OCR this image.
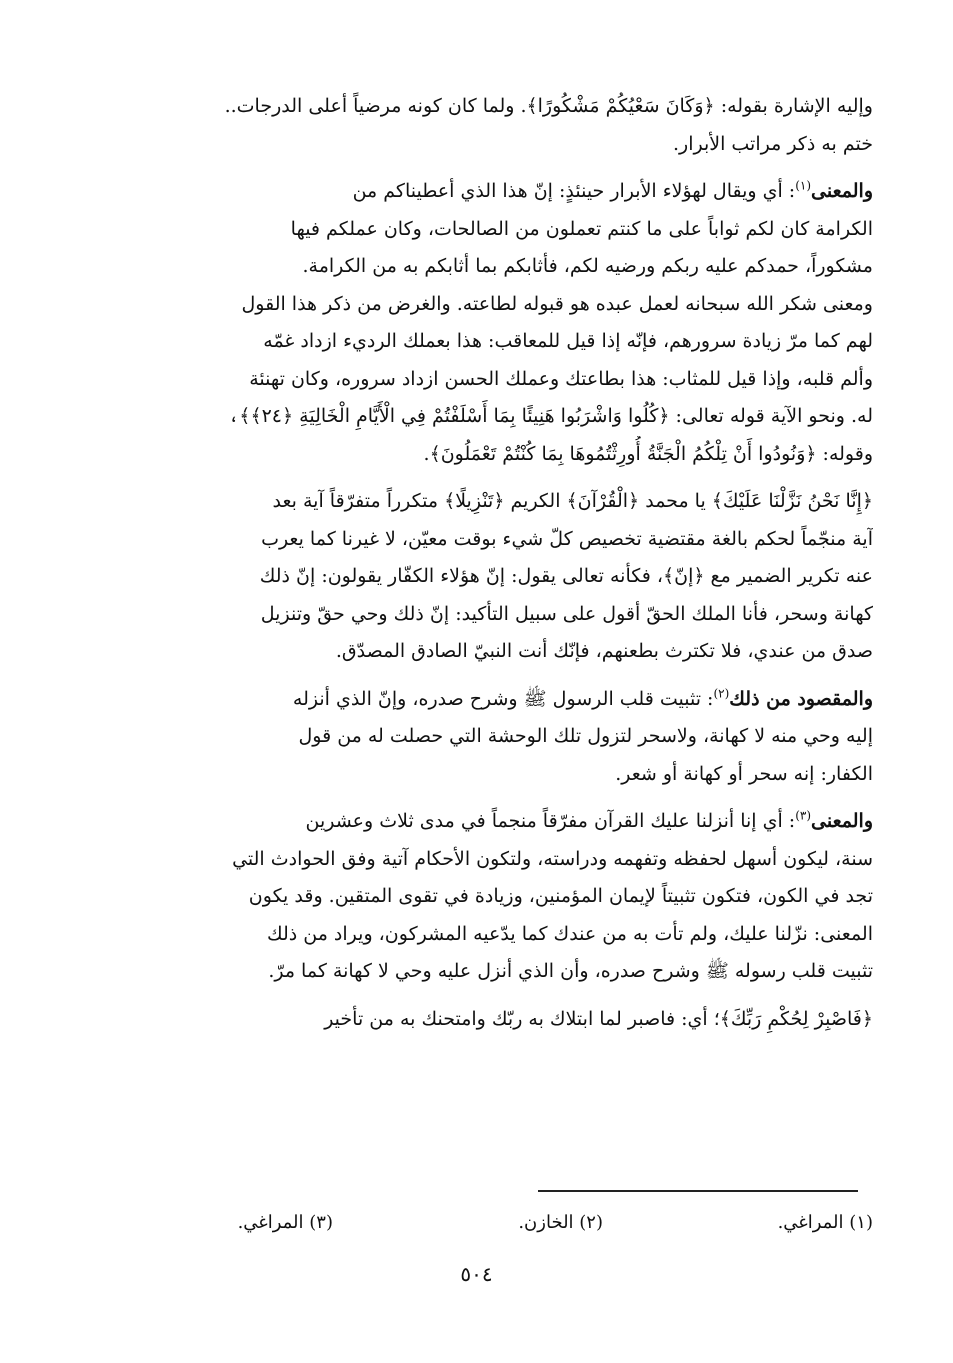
وإليه الإشارة بقوله: ﴿وَكَانَ سَعْيُكُمْ مَشْكُورًا﴾. ولما كان كونه مرضياً أعلى الدرجات..
ختم به ذكر مراتب الأبرار.
والمعنى$^{(١)}$: أي ويقال لهؤلاء الأبرار حينئذٍ: إنّ هذا الذي أعطيناكم من
الكرامة كان لكم ثواباً على ما كنتم تعملون من الصالحات، وكان عملكم فيها
مشكوراً، حمدكم عليه ربكم ورضيه لكم، فأثابكم بما أثابكم به من الكرامة.
ومعنى شكر الله سبحانه لعمل عبده هو قبوله لطاعته. والغرض من ذكر هذا القول
لهم كما مرّ زيادة سرورهم، فإنّه إذا قيل للمعاقب: هذا بعملك الرديء ازداد غمّه
وألم قلبه، وإذا قيل للمثاب: هذا بطاعتك وعملك الحسن ازداد سروره، وكان تهنئة
له. ونحو الآية قوله تعالى: ﴿كُلُوا وَاشْرَبُوا هَنِيئًا بِمَا أَسْلَفْتُمْ فِي الْأَيَّامِ الْخَالِيَةِ ﴿٢٤﴾﴾،
وقوله: ﴿وَنُودُوا أَنْ تِلْكُمُ الْجَنَّةُ أُورِثْتُمُوهَا بِمَا كُنْتُمْ تَعْمَلُونَ﴾.
﴿إِنَّا نَحْنُ نَزَّلْنَا عَلَيْكَ﴾ يا محمد ﴿الْقُرْآنَ﴾ الكريم ﴿تَنْزِيلًا﴾ متكرراً متفرّقاً آية بعد
آية منجّماً لحكم بالغة مقتضية تخصيص كلّ شيء بوقت معيّن، لا غيرنا كما يعرب
عنه تكرير الضمير مع ﴿إنّ﴾، فكأنه تعالى يقول: إنّ هؤلاء الكفّار يقولون: إنّ ذلك
كهانة وسحر، فأنا الملك الحقّ أقول على سبيل التأكيد: إنّ ذلك وحي حقّ وتنزيل
صدق من عندي، فلا تكترث بطعنهم، فإنّك أنت النبيّ الصادق المصدّق.
والمقصود من ذلك$^{(٢)}$: تثبيت قلب الرسول ﷺ وشرح صدره، وإنّ الذي أنزله
إليه وحي منه لا كهانة، ولاسحر لتزول تلك الوحشة التي حصلت له من قول
الكفار: إنه سحر أو كهانة أو شعر.
والمعنى$^{(٣)}$: أي إنا أنزلنا عليك القرآن مفرّقاً منجماً في مدى ثلاث وعشرين
سنة، ليكون أسهل لحفظه وتفهمه ودراسته، ولتكون الأحكام آتية وفق الحوادث التي
تجد في الكون، فتكون تثبيتاً لإيمان المؤمنين، وزيادة في تقوى المتقين. وقد يكون
المعنى: نزّلنا عليك، ولم تأت به من عندك كما يدّعيه المشركون، ويراد من ذلك
تثبيت قلب رسوله ﷺ وشرح صدره، وأن الذي أنزل عليه وحي لا كهانة كما مرّ.
﴿فَاصْبِرْ لِحُكْمِ رَبِّكَ﴾؛ أي: فاصبر لما ابتلاك به ربّك وامتحنك به من تأخير
(١) المراغي.
(٢) الخازن.
(٣) المراغي.
٥٠٤
